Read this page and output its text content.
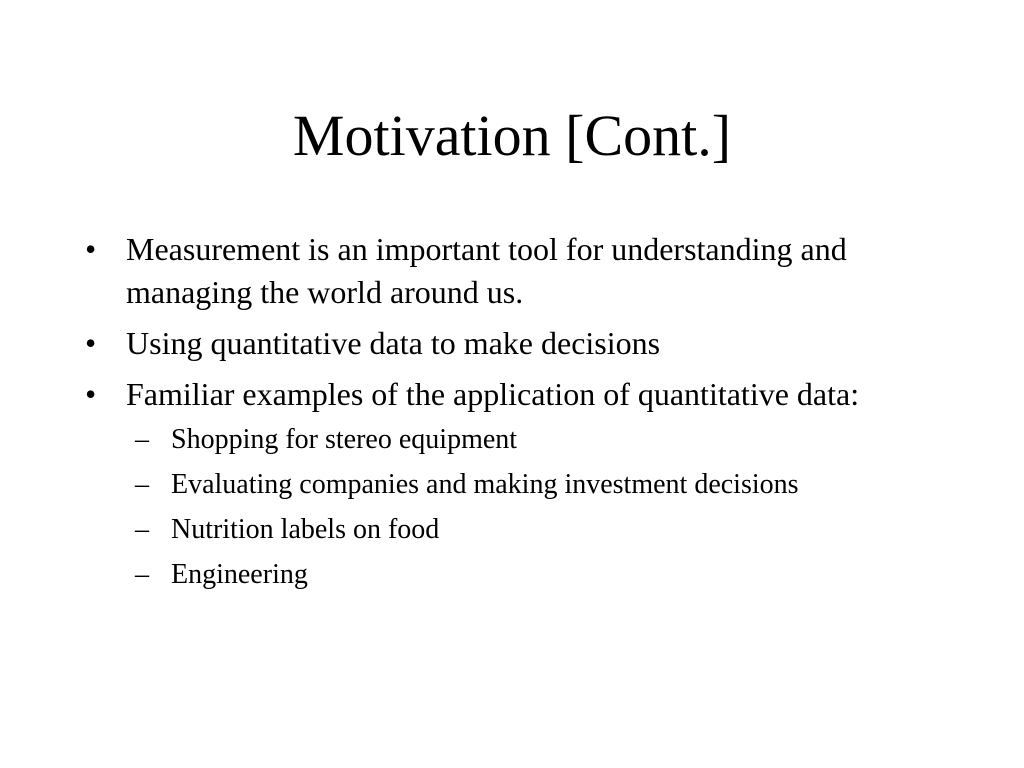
Motivation [Cont.]
• Measurement is an important tool for understanding and managing the world around us.
• Using quantitative data to make decisions
• Familiar examples of the application of quantitative data:
– Shopping for stereo equipment
– Evaluating companies and making investment decisions
– Nutrition labels on food
– Engineering
